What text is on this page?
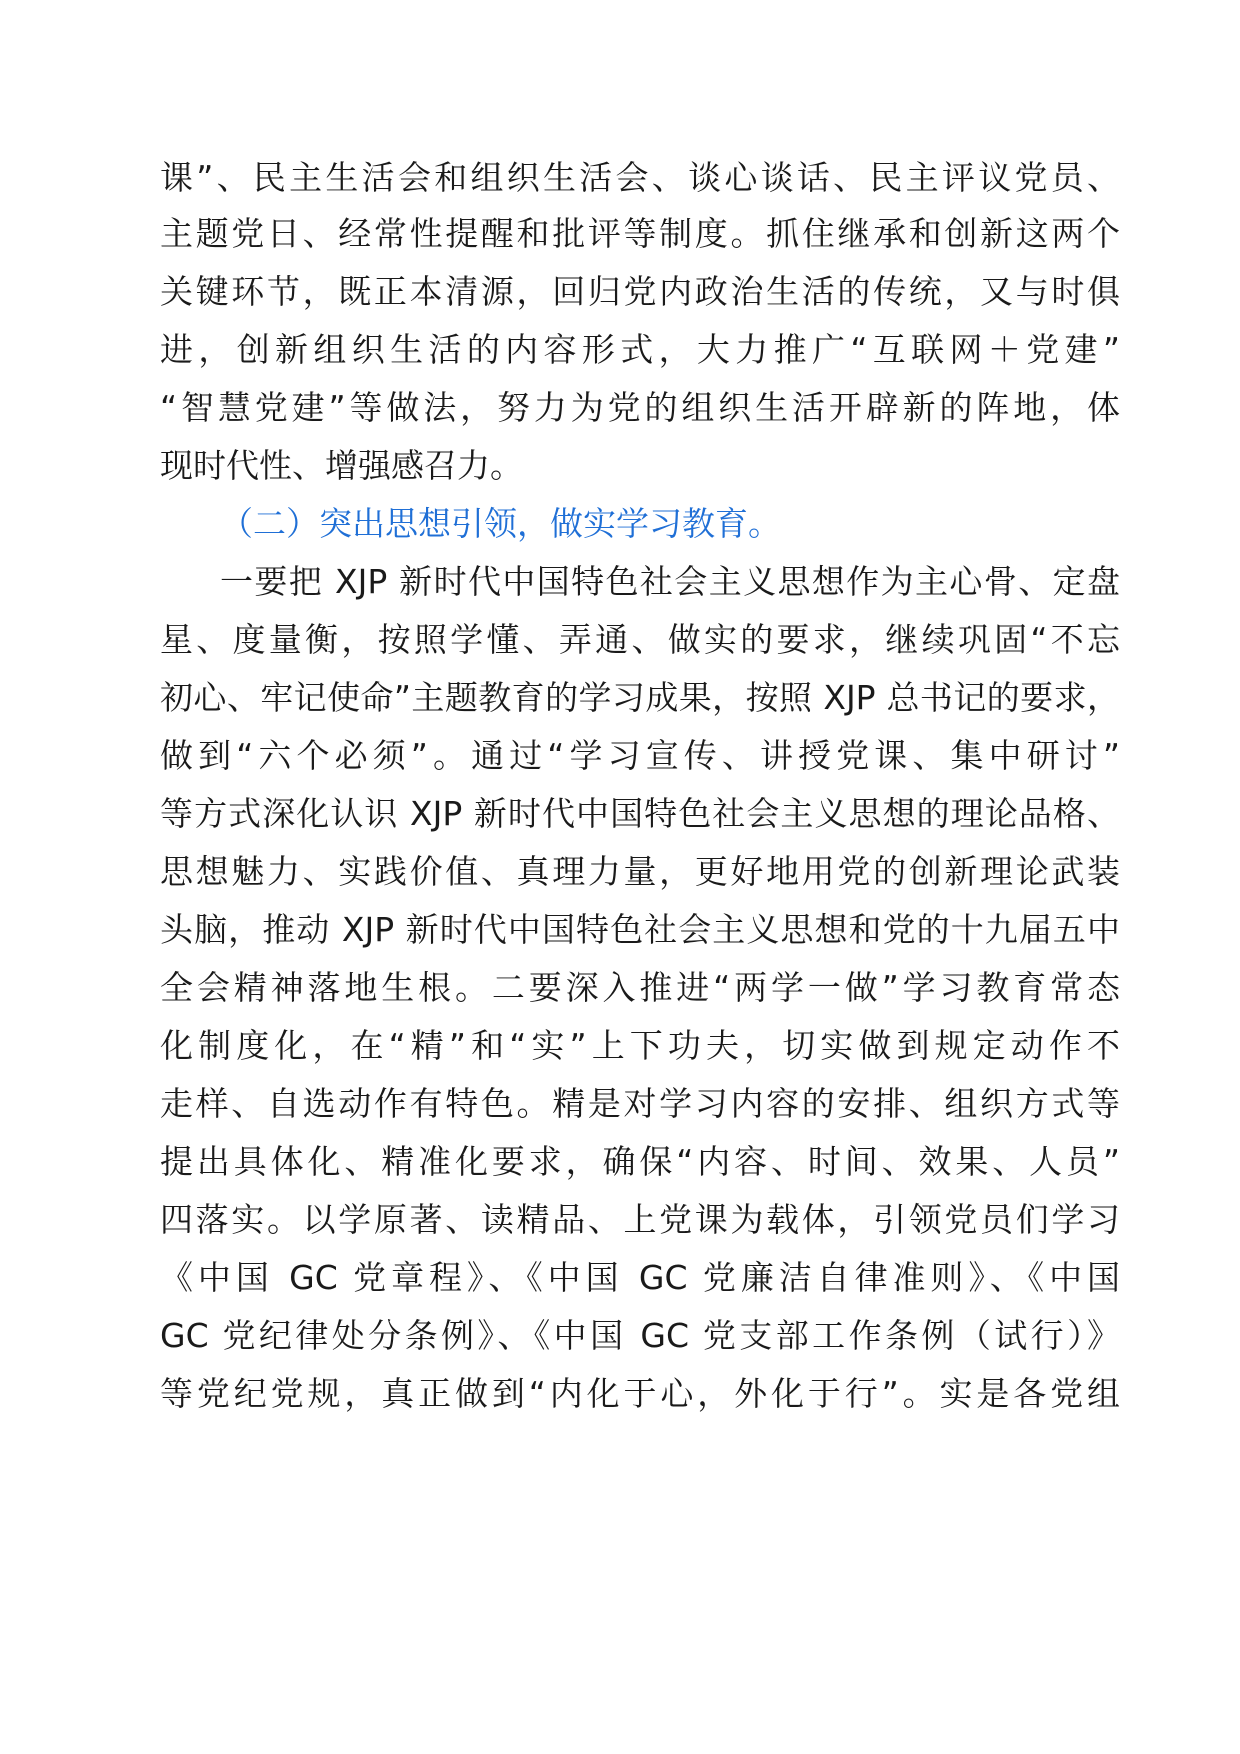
课”、民主生活会和组织生活会、谈心谈话、民主评议党员、
主题党日、经常性提醒和批评等制度。抓住继承和创新这两个
关键环节，既正本清源，回归党内政治生活的传统，又与时俱
进，创新组织生活的内容形式，大力推广“互联网＋党建”
“智慧党建”等做法，努力为党的组织生活开辟新的阵地，体
现时代性、增强感召力。
（二）突出思想引领，做实学习教育。
一要把 XJP 新时代中国特色社会主义思想作为主心骨、定盘
星、度量衡，按照学懂、弄通、做实的要求，继续巩固“不忘
初心、牢记使命”主题教育的学习成果，按照 XJP 总书记的要求，
做到“六个必须”。通过“学习宣传、讲授党课、集中研讨”
等方式深化认识 XJP 新时代中国特色社会主义思想的理论品格、
思想魅力、实践价值、真理力量，更好地用党的创新理论武装
头脑，推动 XJP 新时代中国特色社会主义思想和党的十九届五中
全会精神落地生根。二要深入推进“两学一做”学习教育常态
化制度化，在“精”和“实”上下功夫，切实做到规定动作不
走样、自选动作有特色。精是对学习内容的安排、组织方式等
提出具体化、精准化要求，确保“内容、时间、效果、人员”
四落实。以学原著、读精品、上党课为载体，引领党员们学习
《中国 GC 党章程》、《中国 GC 党廉洁自律准则》、《中国
GC 党纪律处分条例》、《中国 GC 党支部工作条例（试行）》
等党纪党规，真正做到“内化于心，外化于行”。实是各党组
